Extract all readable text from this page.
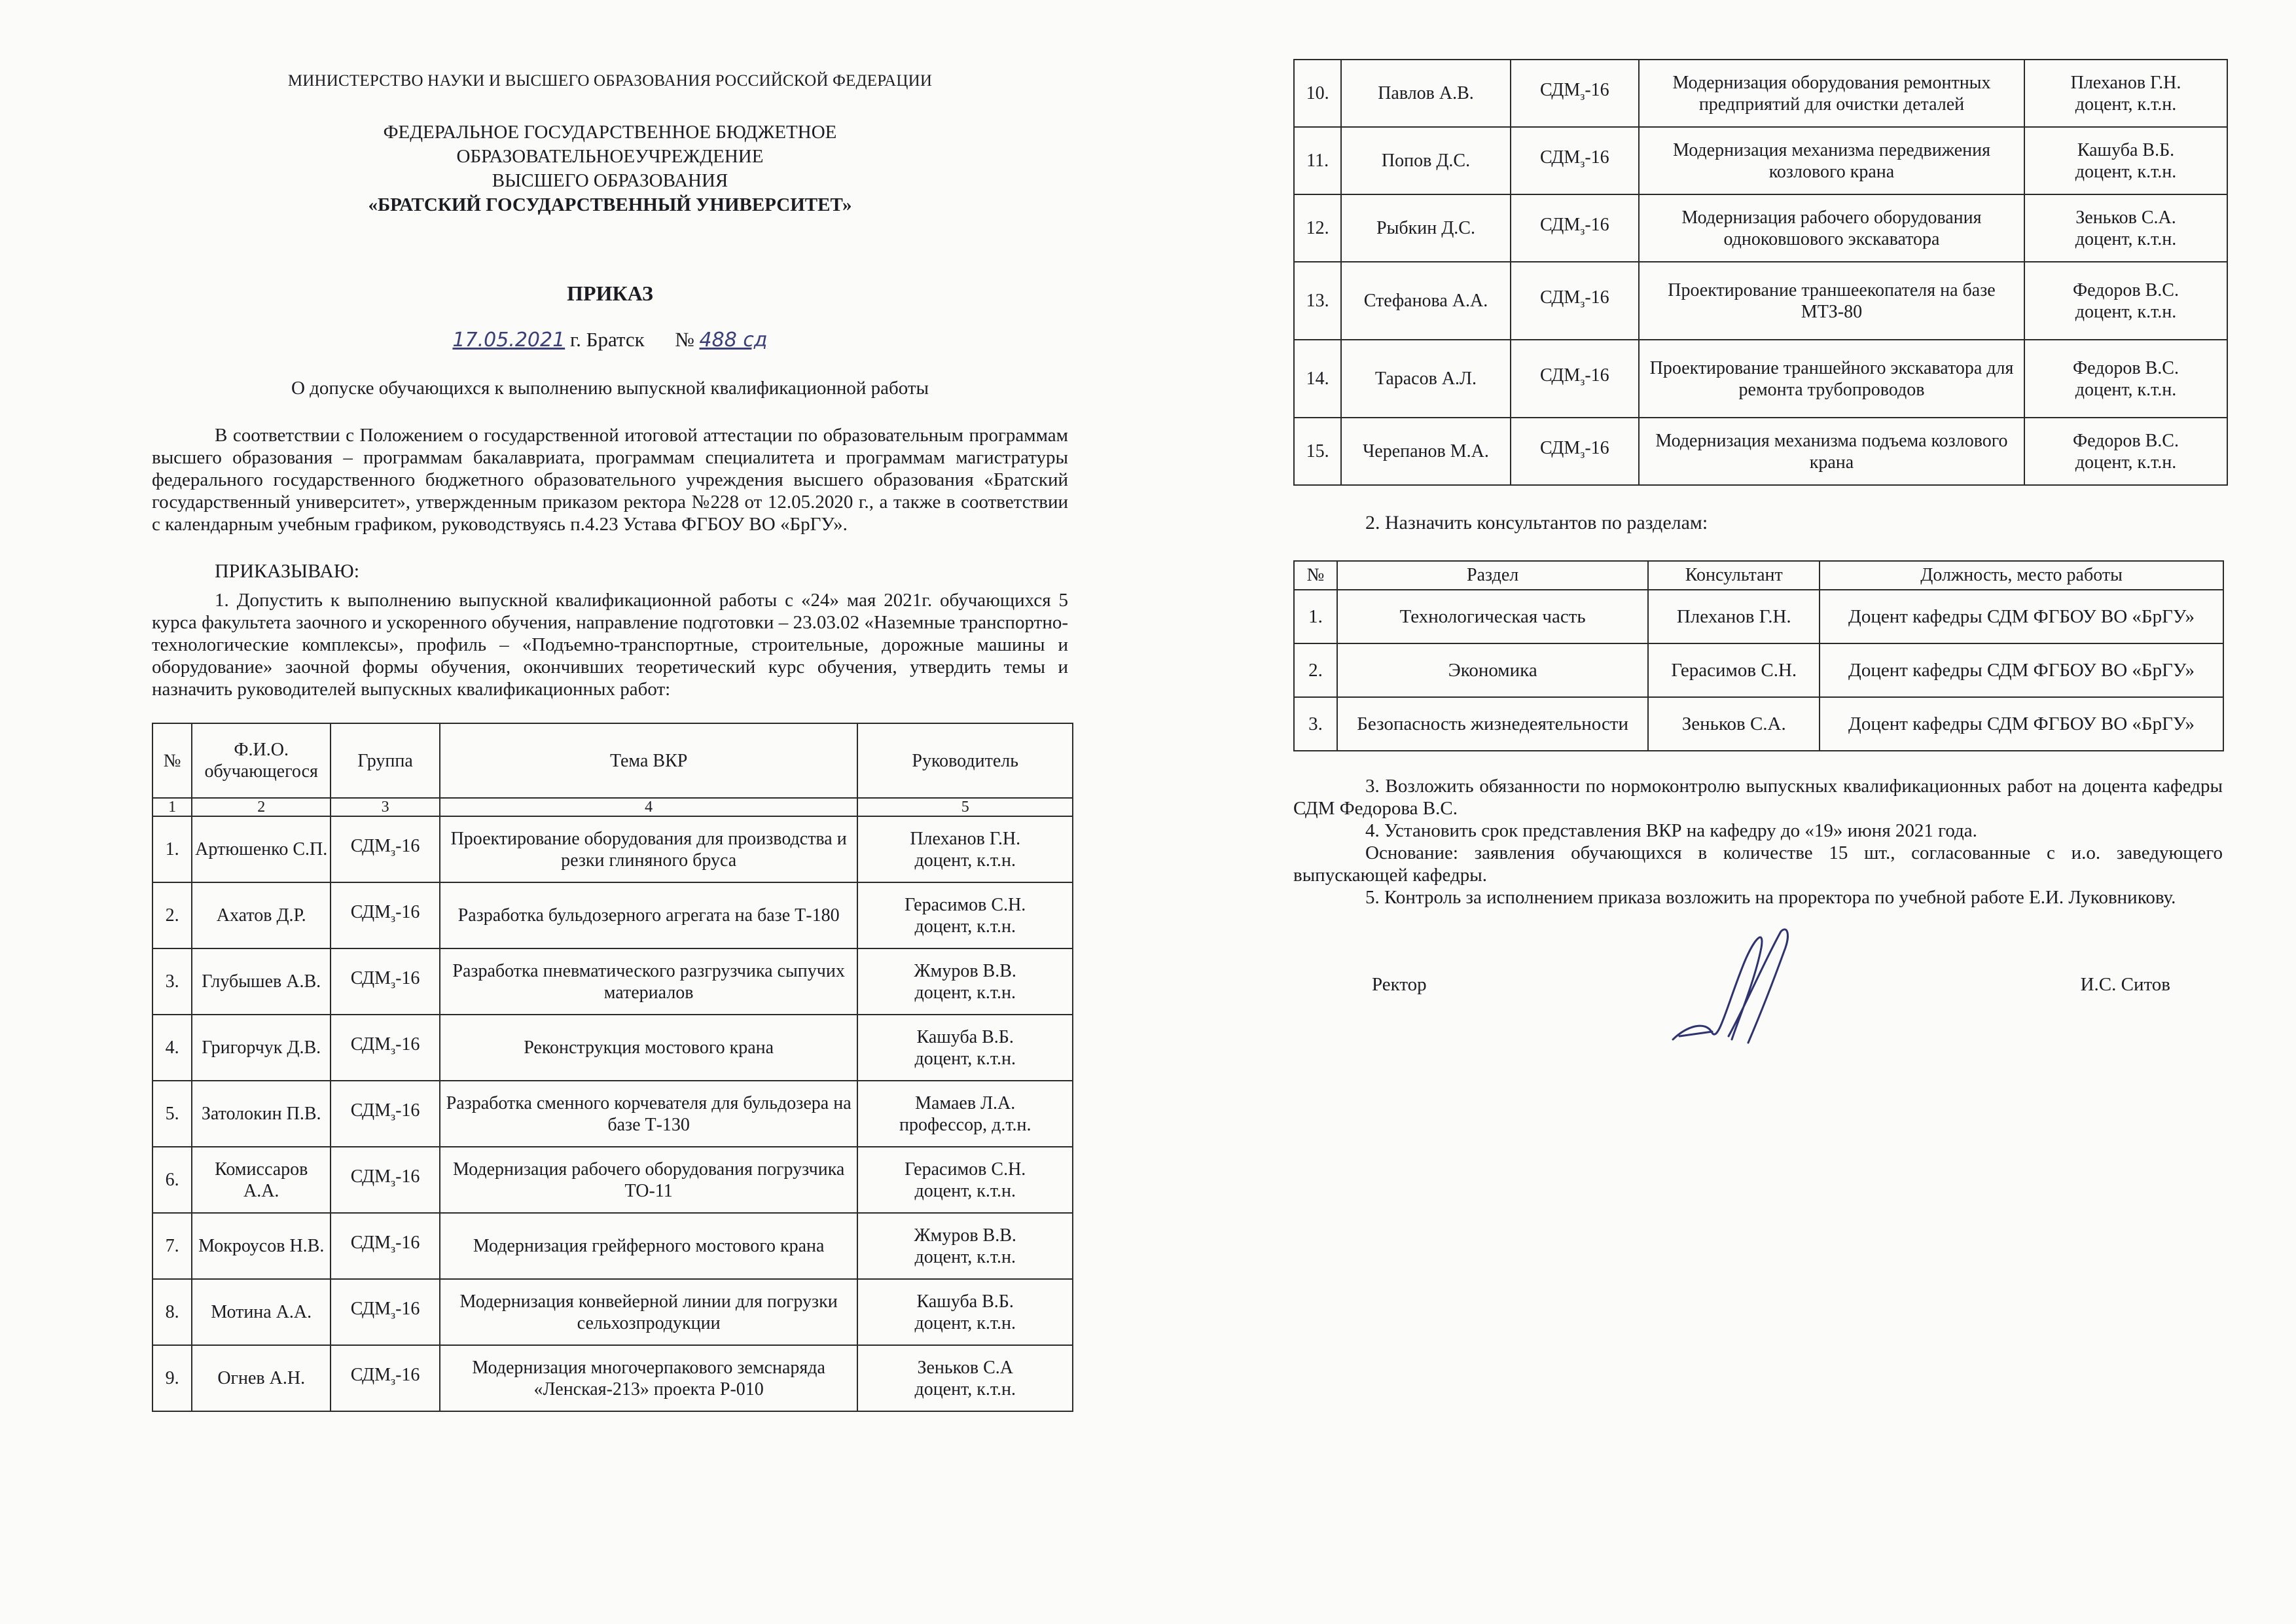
МИНИСТЕРСТВО НАУКИ И ВЫСШЕГО ОБРАЗОВАНИЯ РОССИЙСКОЙ ФЕДЕРАЦИИ
ФЕДЕРАЛЬНОЕ ГОСУДАРСТВЕННОЕ БЮДЖЕТНОЕ
ОБРАЗОВАТЕЛЬНОЕУЧРЕЖДЕНИЕ
ВЫСШЕГО ОБРАЗОВАНИЯ
«БРАТСКИЙ ГОСУДАРСТВЕННЫЙ УНИВЕРСИТЕТ»
ПРИКАЗ
17.05.2021 г. Братск № 488 сд
О допуске обучающихся к выполнению выпускной квалификационной работы
В соответствии с Положением о государственной итоговой аттестации по образовательным программам высшего образования – программам бакалавриата, программам специалитета и программам магистратуры федерального государственного бюджетного образовательного учреждения высшего образования «Братский государственный университет», утвержденным приказом ректора №228 от 12.05.2020 г., а также в соответствии с календарным учебным графиком, руководствуясь п.4.23 Устава ФГБОУ ВО «БрГУ».
ПРИКАЗЫВАЮ:
1. Допустить к выполнению выпускной квалификационной работы с «24» мая 2021г. обучающихся 5 курса факультета заочного и ускоренного обучения, направление подготовки – 23.03.02 «Наземные транспортно-технологические комплексы», профиль – «Подъемно-транспортные, строительные, дорожные машины и оборудование» заочной формы обучения, окончивших теоретический курс обучения, утвердить темы и назначить руководителей выпускных квалификационных работ:
№	Ф.И.О. обучающегося	Группа	Тема ВКР	Руководитель
1	2	3	4	5
1.	Артюшенко С.П.	$СДМ_з-16$	Проектирование оборудования для производства и резки глиняного бруса	Плеханов Г.Н.
доцент, к.т.н.

2.	Ахатов Д.Р.	$СДМ_з-16$	Разработка бульдозерного агрегата на базе Т-180	Герасимов С.Н.
доцент, к.т.н.

3.	Глубышев А.В.	$СДМ_з-16$	Разработка пневматического разгрузчика сыпучих материалов	Жмуров В.В.
доцент, к.т.н.

4.	Григорчук Д.В.	$СДМ_з-16$	Реконструкция мостового крана	Кашуба В.Б.
доцент, к.т.н.

5.	Затолокин П.В.	$СДМ_з-16$	Разработка сменного корчевателя для бульдозера на базе Т-130	Мамаев Л.А.
профессор, д.т.н.

6.	Комиссаров А.А.	$СДМ_з-16$	Модернизация рабочего оборудования погрузчика ТО-11	Герасимов С.Н.
доцент, к.т.н.

7.	Мокроусов Н.В.	$СДМ_з-16$	Модернизация грейферного мостового крана	Жмуров В.В.
доцент, к.т.н.

8.	Мотина А.А.	$СДМ_з-16$	Модернизация конвейерной линии для погрузки сельхозпродукции	Кашуба В.Б.
доцент, к.т.н.

9.	Огнев А.Н.	$СДМ_з-16$	Модернизация многочерпакового земснаряда «Ленская-213» проекта Р-010	Зеньков С.А
доцент, к.т.н.
10.	Павлов А.В.	$СДМ_з-16$	Модернизация оборудования ремонтных предприятий для очистки деталей	Плеханов Г.Н.
доцент, к.т.н.

11.	Попов Д.С.	$СДМ_з-16$	Модернизация механизма передвижения козлового крана	Кашуба В.Б.
доцент, к.т.н.

12.	Рыбкин Д.С.	$СДМ_з-16$	Модернизация рабочего оборудования одноковшового экскаватора	Зеньков С.А.
доцент, к.т.н.

13.	Стефанова А.А.	$СДМ_з-16$	Проектирование траншеекопателя на базе МТЗ-80	Федоров В.С.
доцент, к.т.н.

14.	Тарасов А.Л.	$СДМ_з-16$	Проектирование траншейного экскаватора для ремонта трубопроводов	Федоров В.С.
доцент, к.т.н.

15.	Черепанов М.А.	$СДМ_з-16$	Модернизация механизма подъема козлового крана	Федоров В.С.
доцент, к.т.н.
2. Назначить консультантов по разделам:
№	Раздел	Консультант	Должность, место работы
1.	Технологическая часть	Плеханов Г.Н.	Доцент кафедры СДМ ФГБОУ ВО «БрГУ»
2.	Экономика	Герасимов С.Н.	Доцент кафедры СДМ ФГБОУ ВО «БрГУ»
3.	Безопасность жизнедеятельности	Зеньков С.А.	Доцент кафедры СДМ ФГБОУ ВО «БрГУ»
3. Возложить обязанности по нормоконтролю выпускных квалификационных работ на доцента кафедры СДМ Федорова В.С.
4. Установить срок представления ВКР на кафедру до «19» июня 2021 года.
Основание: заявления обучающихся в количестве 15 шт., согласованные с и.о. заведующего выпускающей кафедры.
5. Контроль за исполнением приказа возложить на проректора по учебной работе Е.И. Луковникову.
Ректор	И.С. Ситов
